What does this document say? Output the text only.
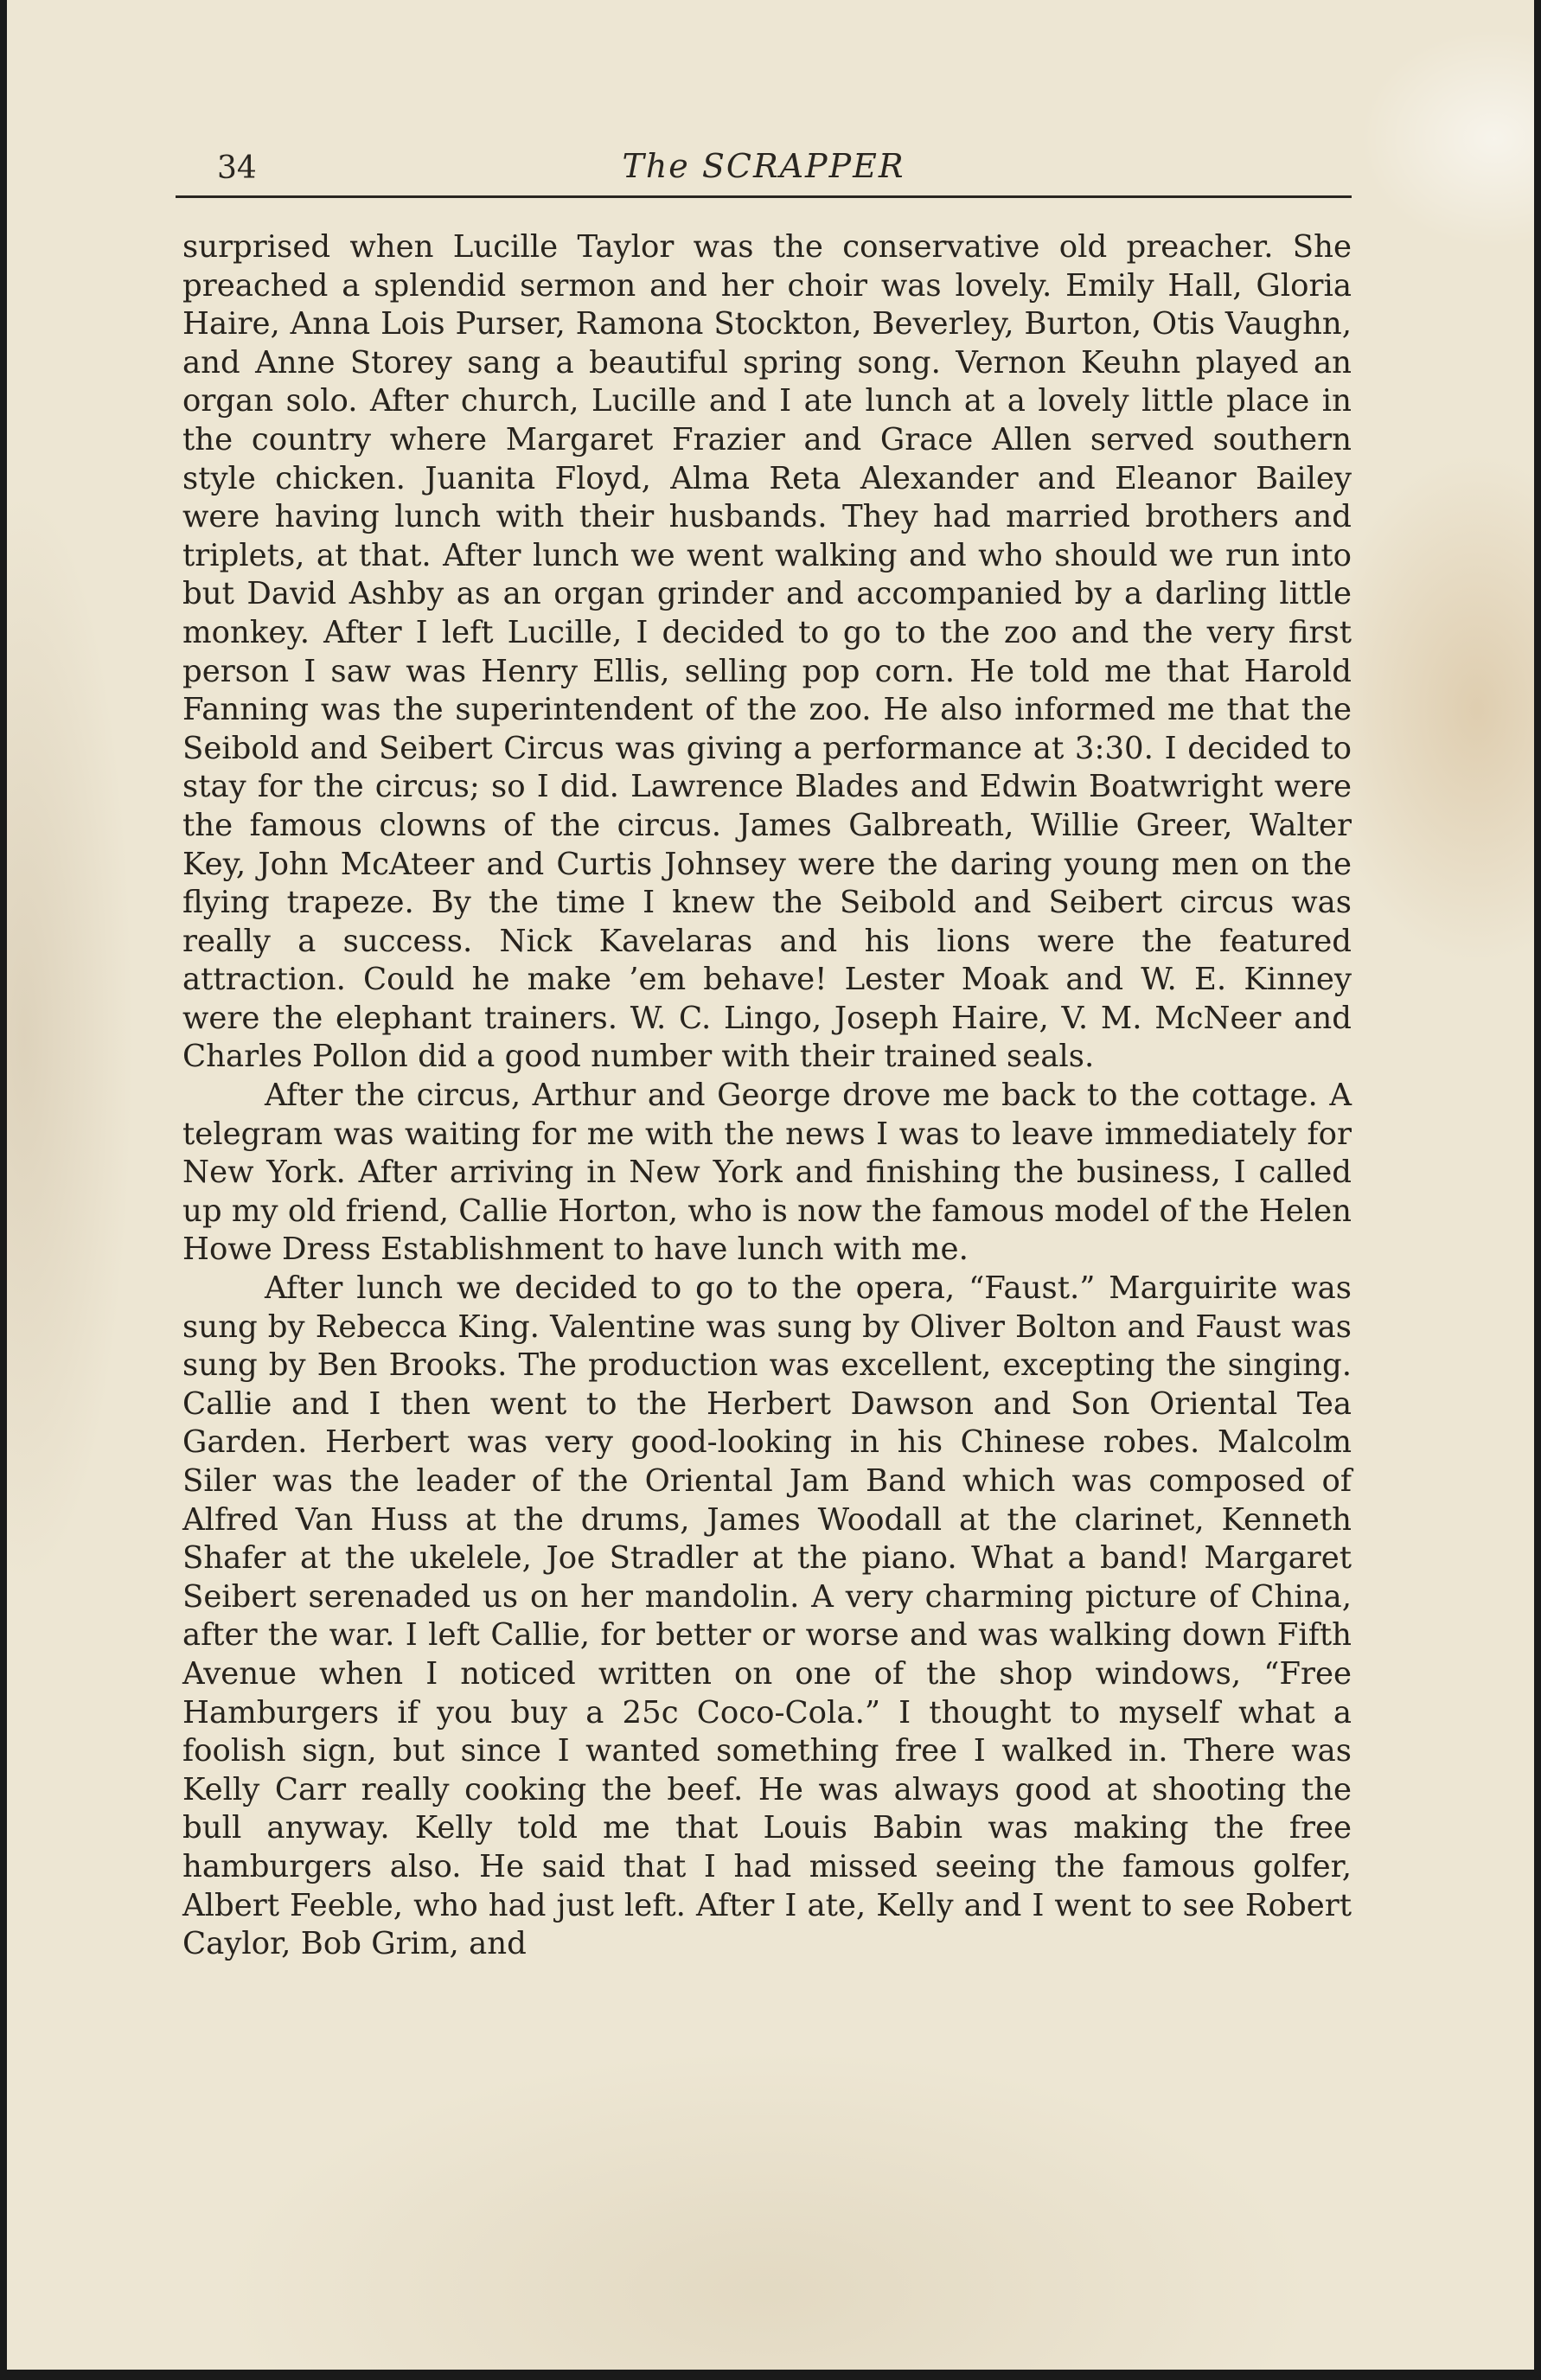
34	The SCRAPPER

surprised when Lucille Taylor was the conservative old preacher. She preached a splendid sermon and her choir was lovely. Emily Hall, Gloria Haire, Anna Lois Purser, Ramona Stockton, Beverley, Burton, Otis Vaughn, and Anne Storey sang a beautiful spring song. Vernon Keuhn played an organ solo. After church, Lucille and I ate lunch at a lovely little place in the country where Margaret Frazier and Grace Allen served southern style chicken. Juanita Floyd, Alma Reta Alexander and Eleanor Bailey were having lunch with their husbands. They had married brothers and triplets, at that. After lunch we went walking and who should we run into but David Ashby as an organ grinder and accompanied by a darling little monkey. After I left Lucille, I decided to go to the zoo and the very first person I saw was Henry Ellis, selling pop corn. He told me that Harold Fanning was the superintendent of the zoo. He also informed me that the Seibold and Seibert Circus was giving a performance at 3:30. I decided to stay for the circus; so I did. Lawrence Blades and Edwin Boatwright were the famous clowns of the circus. James Galbreath, Willie Greer, Walter Key, John McAteer and Curtis Johnsey were the daring young men on the flying trapeze. By the time I knew the Seibold and Seibert circus was really a success. Nick Kavelaras and his lions were the featured attraction. Could he make ’em behave! Lester Moak and W. E. Kinney were the elephant trainers. W. C. Lingo, Joseph Haire, V. M. McNeer and Charles Pollon did a good number with their trained seals.

After the circus, Arthur and George drove me back to the cottage. A telegram was waiting for me with the news I was to leave immediately for New York. After arriving in New York and finishing the business, I called up my old friend, Callie Horton, who is now the famous model of the Helen Howe Dress Establishment to have lunch with me.

After lunch we decided to go to the opera, “Faust.” Marguirite was sung by Rebecca King. Valentine was sung by Oliver Bolton and Faust was sung by Ben Brooks. The production was excellent, excepting the singing. Callie and I then went to the Herbert Dawson and Son Oriental Tea Garden. Herbert was very good-looking in his Chinese robes. Malcolm Siler was the leader of the Oriental Jam Band which was composed of Alfred Van Huss at the drums, James Woodall at the clarinet, Kenneth Shafer at the ukelele, Joe Stradler at the piano. What a band! Margaret Seibert serenaded us on her mandolin. A very charming picture of China, after the war. I left Callie, for better or worse and was walking down Fifth Avenue when I noticed written on one of the shop windows, “Free Hamburgers if you buy a 25c Coco-Cola.” I thought to myself what a foolish sign, but since I wanted something free I walked in. There was Kelly Carr really cooking the beef. He was always good at shooting the bull anyway. Kelly told me that Louis Babin was making the free hamburgers also. He said that I had missed seeing the famous golfer, Albert Feeble, who had just left. After I ate, Kelly and I went to see Robert Caylor, Bob Grim, and
